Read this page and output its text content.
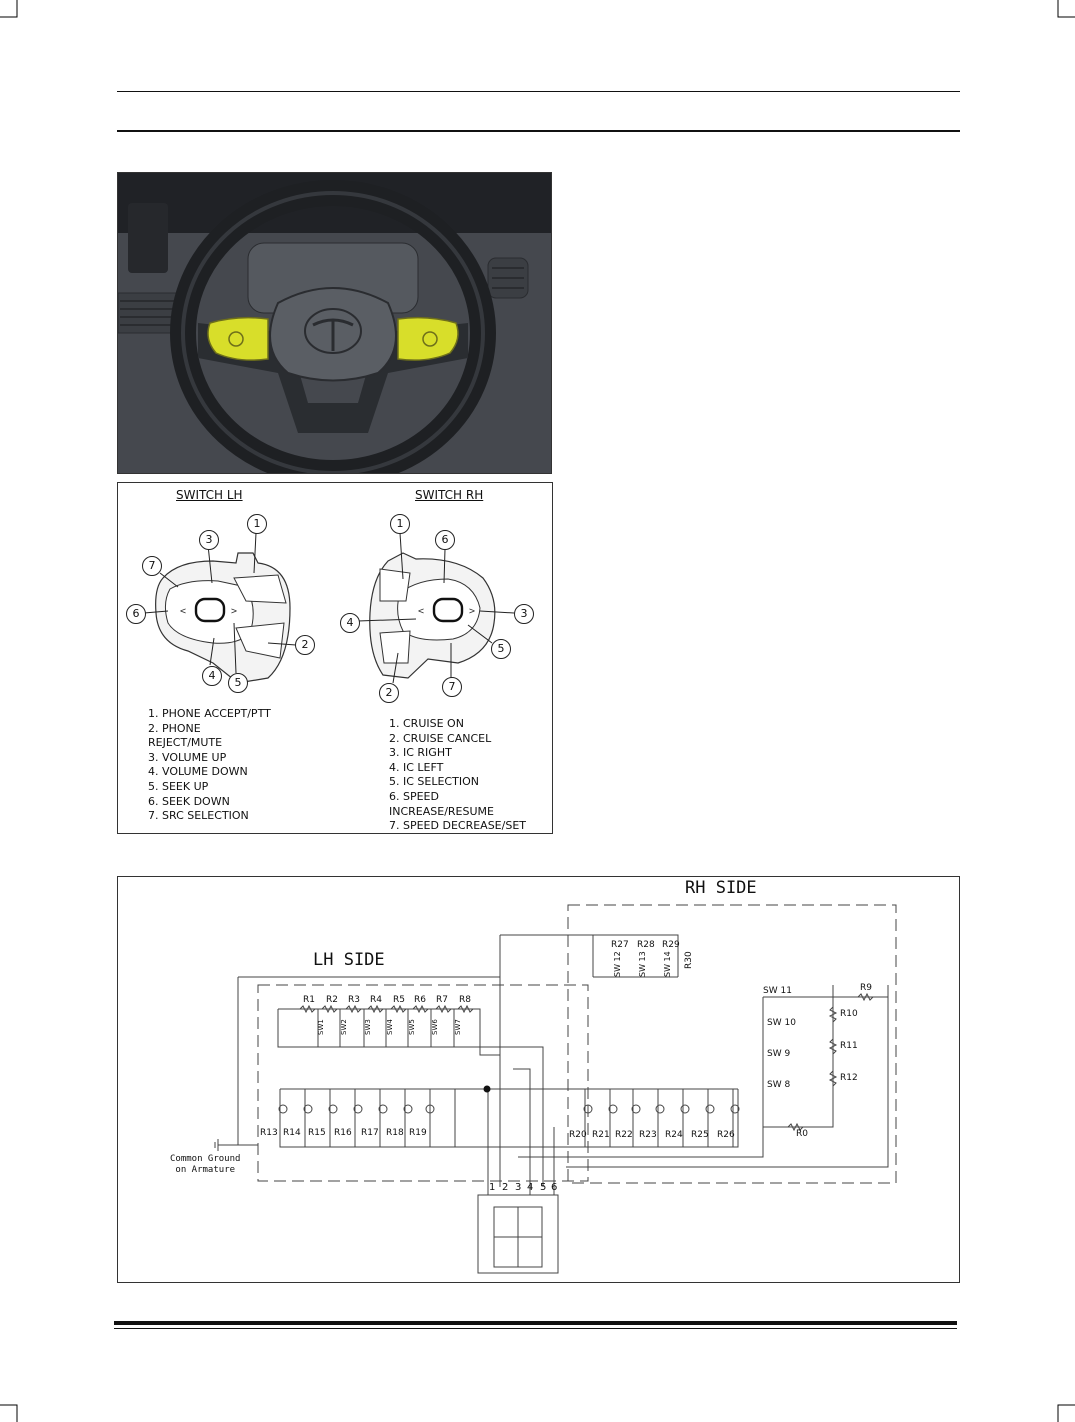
SWITCH LH	SWITCH RH
<	>	<	>
1
3
7
6
2
4
5
1
6
4
3
5
7
2
1. PHONE ACCEPT/PTT
2. PHONE
REJECT/MUTE
3. VOLUME UP
4. VOLUME DOWN
5. SEEK UP
6. SEEK DOWN
7. SRC SELECTION
1. CRUISE ON
2. CRUISE CANCEL
3. IC RIGHT
4. IC LEFT
5. IC SELECTION
6. SPEED
INCREASE/RESUME
7. SPEED DECREASE/SET
RH SIDE
LH SIDE
Common Ground
on Armature
R1 R2 R3 R4 R5 R6 R7 R8
SW1 SW2 SW3 SW4 SW5 SW6 SW7
R13 R14 R15 R16 R17 R18 R19	R20 R21 R22 R23 R24 R25 R26
R27 R28 R29
R30
SW 12 SW 13 SW 14
SW 11
SW 10
SW 9
SW 8
R9
R10
R11
R12
R0
1 2 3 4 5 6
